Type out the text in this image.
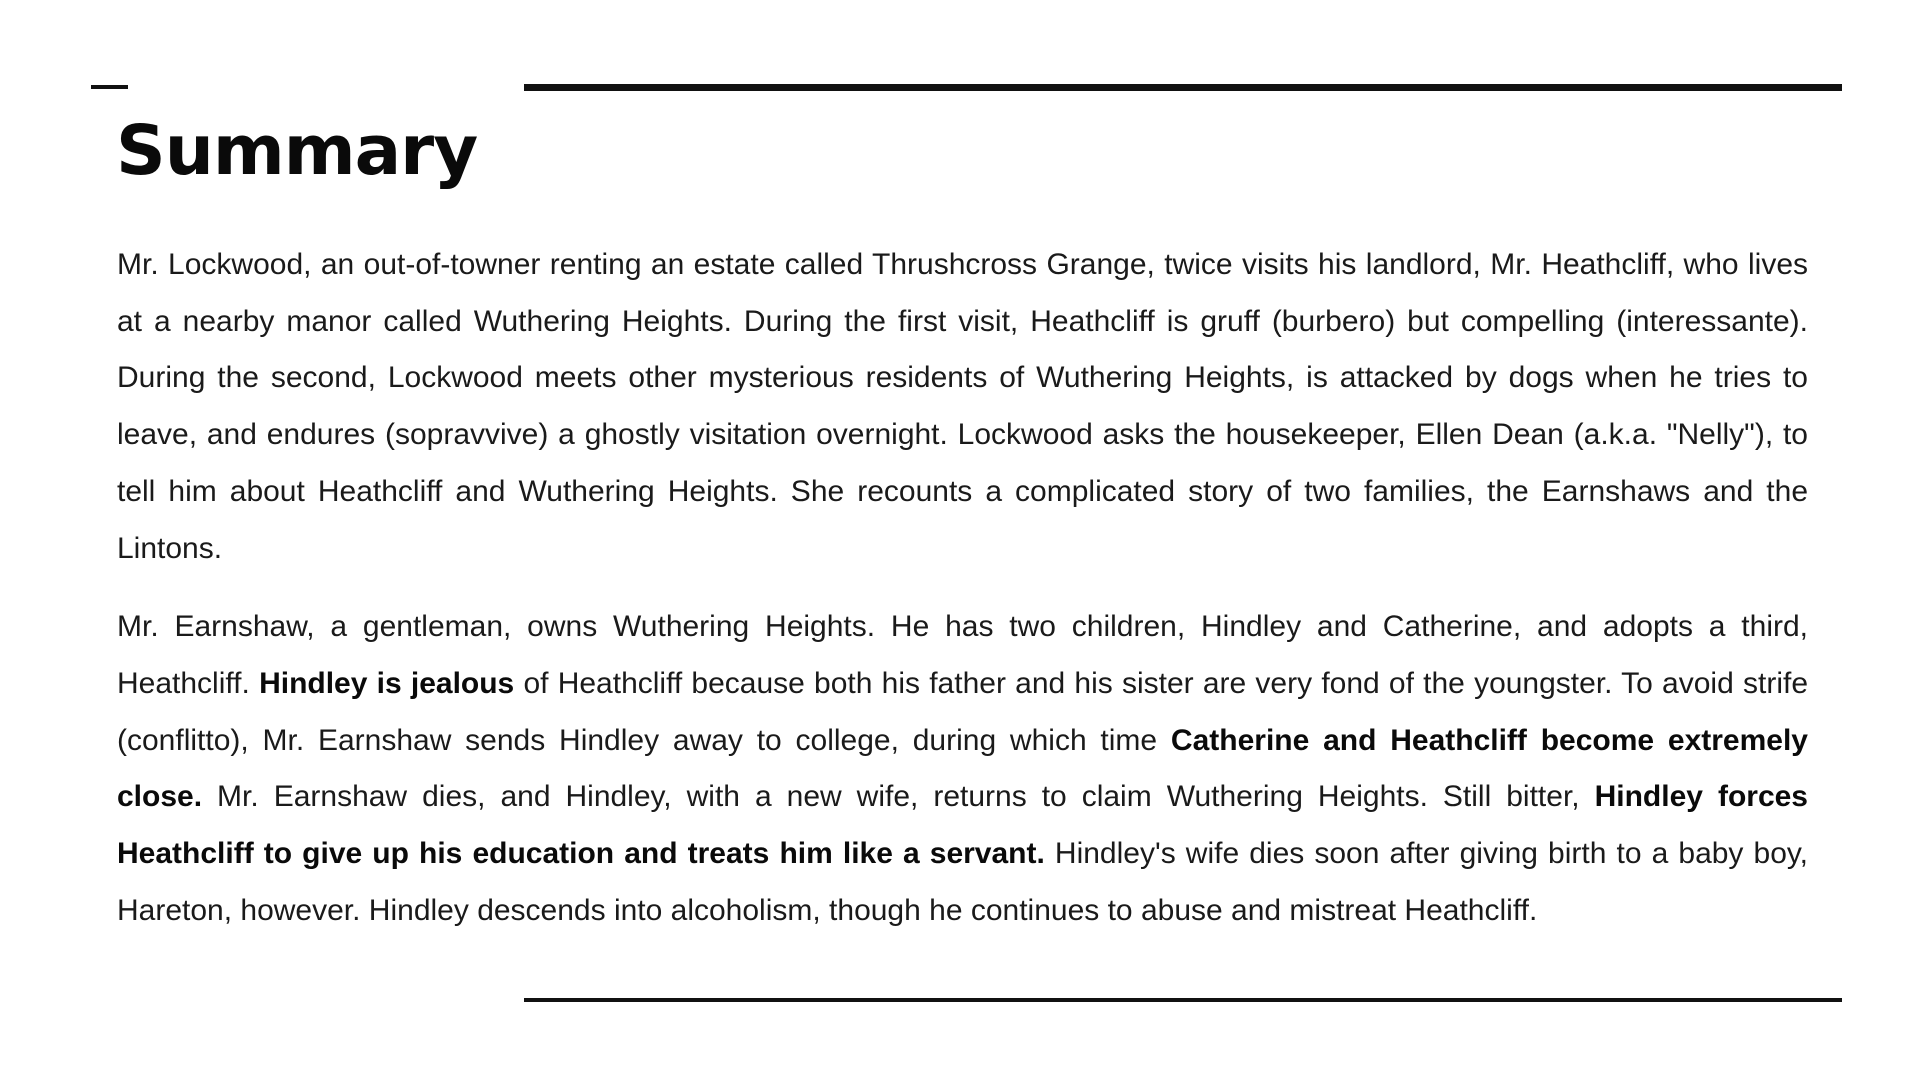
Summary

Mr. Lockwood, an out-of-towner renting an estate called Thrushcross Grange, twice visits his landlord, Mr. Heathcliff, who lives at a nearby manor called Wuthering Heights. During the first visit, Heathcliff is gruff (burbero) but compelling (interessante). During the second, Lockwood meets other mysterious residents of Wuthering Heights, is attacked by dogs when he tries to leave, and endures (sopravvive) a ghostly visitation overnight. Lockwood asks the housekeeper, Ellen Dean (a.k.a. "Nelly"), to tell him about Heathcliff and Wuthering Heights. She recounts a complicated story of two families, the Earnshaws and the Lintons.

Mr. Earnshaw, a gentleman, owns Wuthering Heights. He has two children, Hindley and Catherine, and adopts a third, Heathcliff. Hindley is jealous of Heathcliff because both his father and his sister are very fond of the youngster. To avoid strife (conflitto), Mr. Earnshaw sends Hindley away to college, during which time Catherine and Heathcliff become extremely close. Mr. Earnshaw dies, and Hindley, with a new wife, returns to claim Wuthering Heights. Still bitter, Hindley forces Heathcliff to give up his education and treats him like a servant. Hindley's wife dies soon after giving birth to a baby boy, Hareton, however. Hindley descends into alcoholism, though he continues to abuse and mistreat Heathcliff.
